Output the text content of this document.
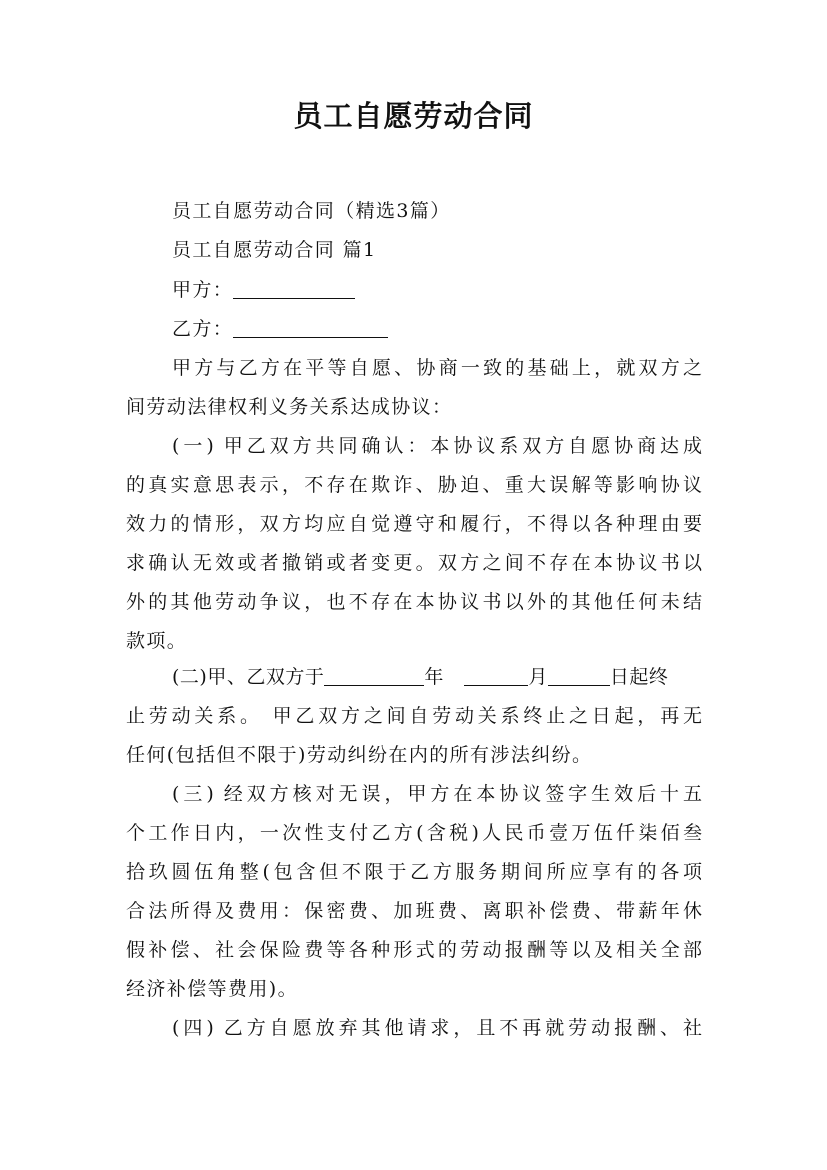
员工自愿劳动合同
员工自愿劳动合同（精选3篇）
员工自愿劳动合同 篇1
甲方：
乙方：
甲方与乙方在平等自愿、协商一致的基础上，就双方之
间劳动法律权利义务关系达成协议：
(一) 甲乙双方共同确认：本协议系双方自愿协商达成
的真实意思表示，不存在欺诈、胁迫、重大误解等影响协议
效力的情形，双方均应自觉遵守和履行，不得以各种理由要
求确认无效或者撤销或者变更。双方之间不存在本协议书以
外的其他劳动争议，也不存在本协议书以外的其他任何未结
款项。
(二)甲、乙双方于	年	月	日起终
止劳动关系。 甲乙双方之间自劳动关系终止之日起，再无
任何(包括但不限于)劳动纠纷在内的所有涉法纠纷。
(三) 经双方核对无误，甲方在本协议签字生效后十五
个工作日内，一次性支付乙方(含税)人民币壹万伍仟柒佰叁
拾玖圆伍角整(包含但不限于乙方服务期间所应享有的各项
合法所得及费用：保密费、加班费、离职补偿费、带薪年休
假补偿、社会保险费等各种形式的劳动报酬等以及相关全部
经济补偿等费用)。
(四) 乙方自愿放弃其他请求，且不再就劳动报酬、社
